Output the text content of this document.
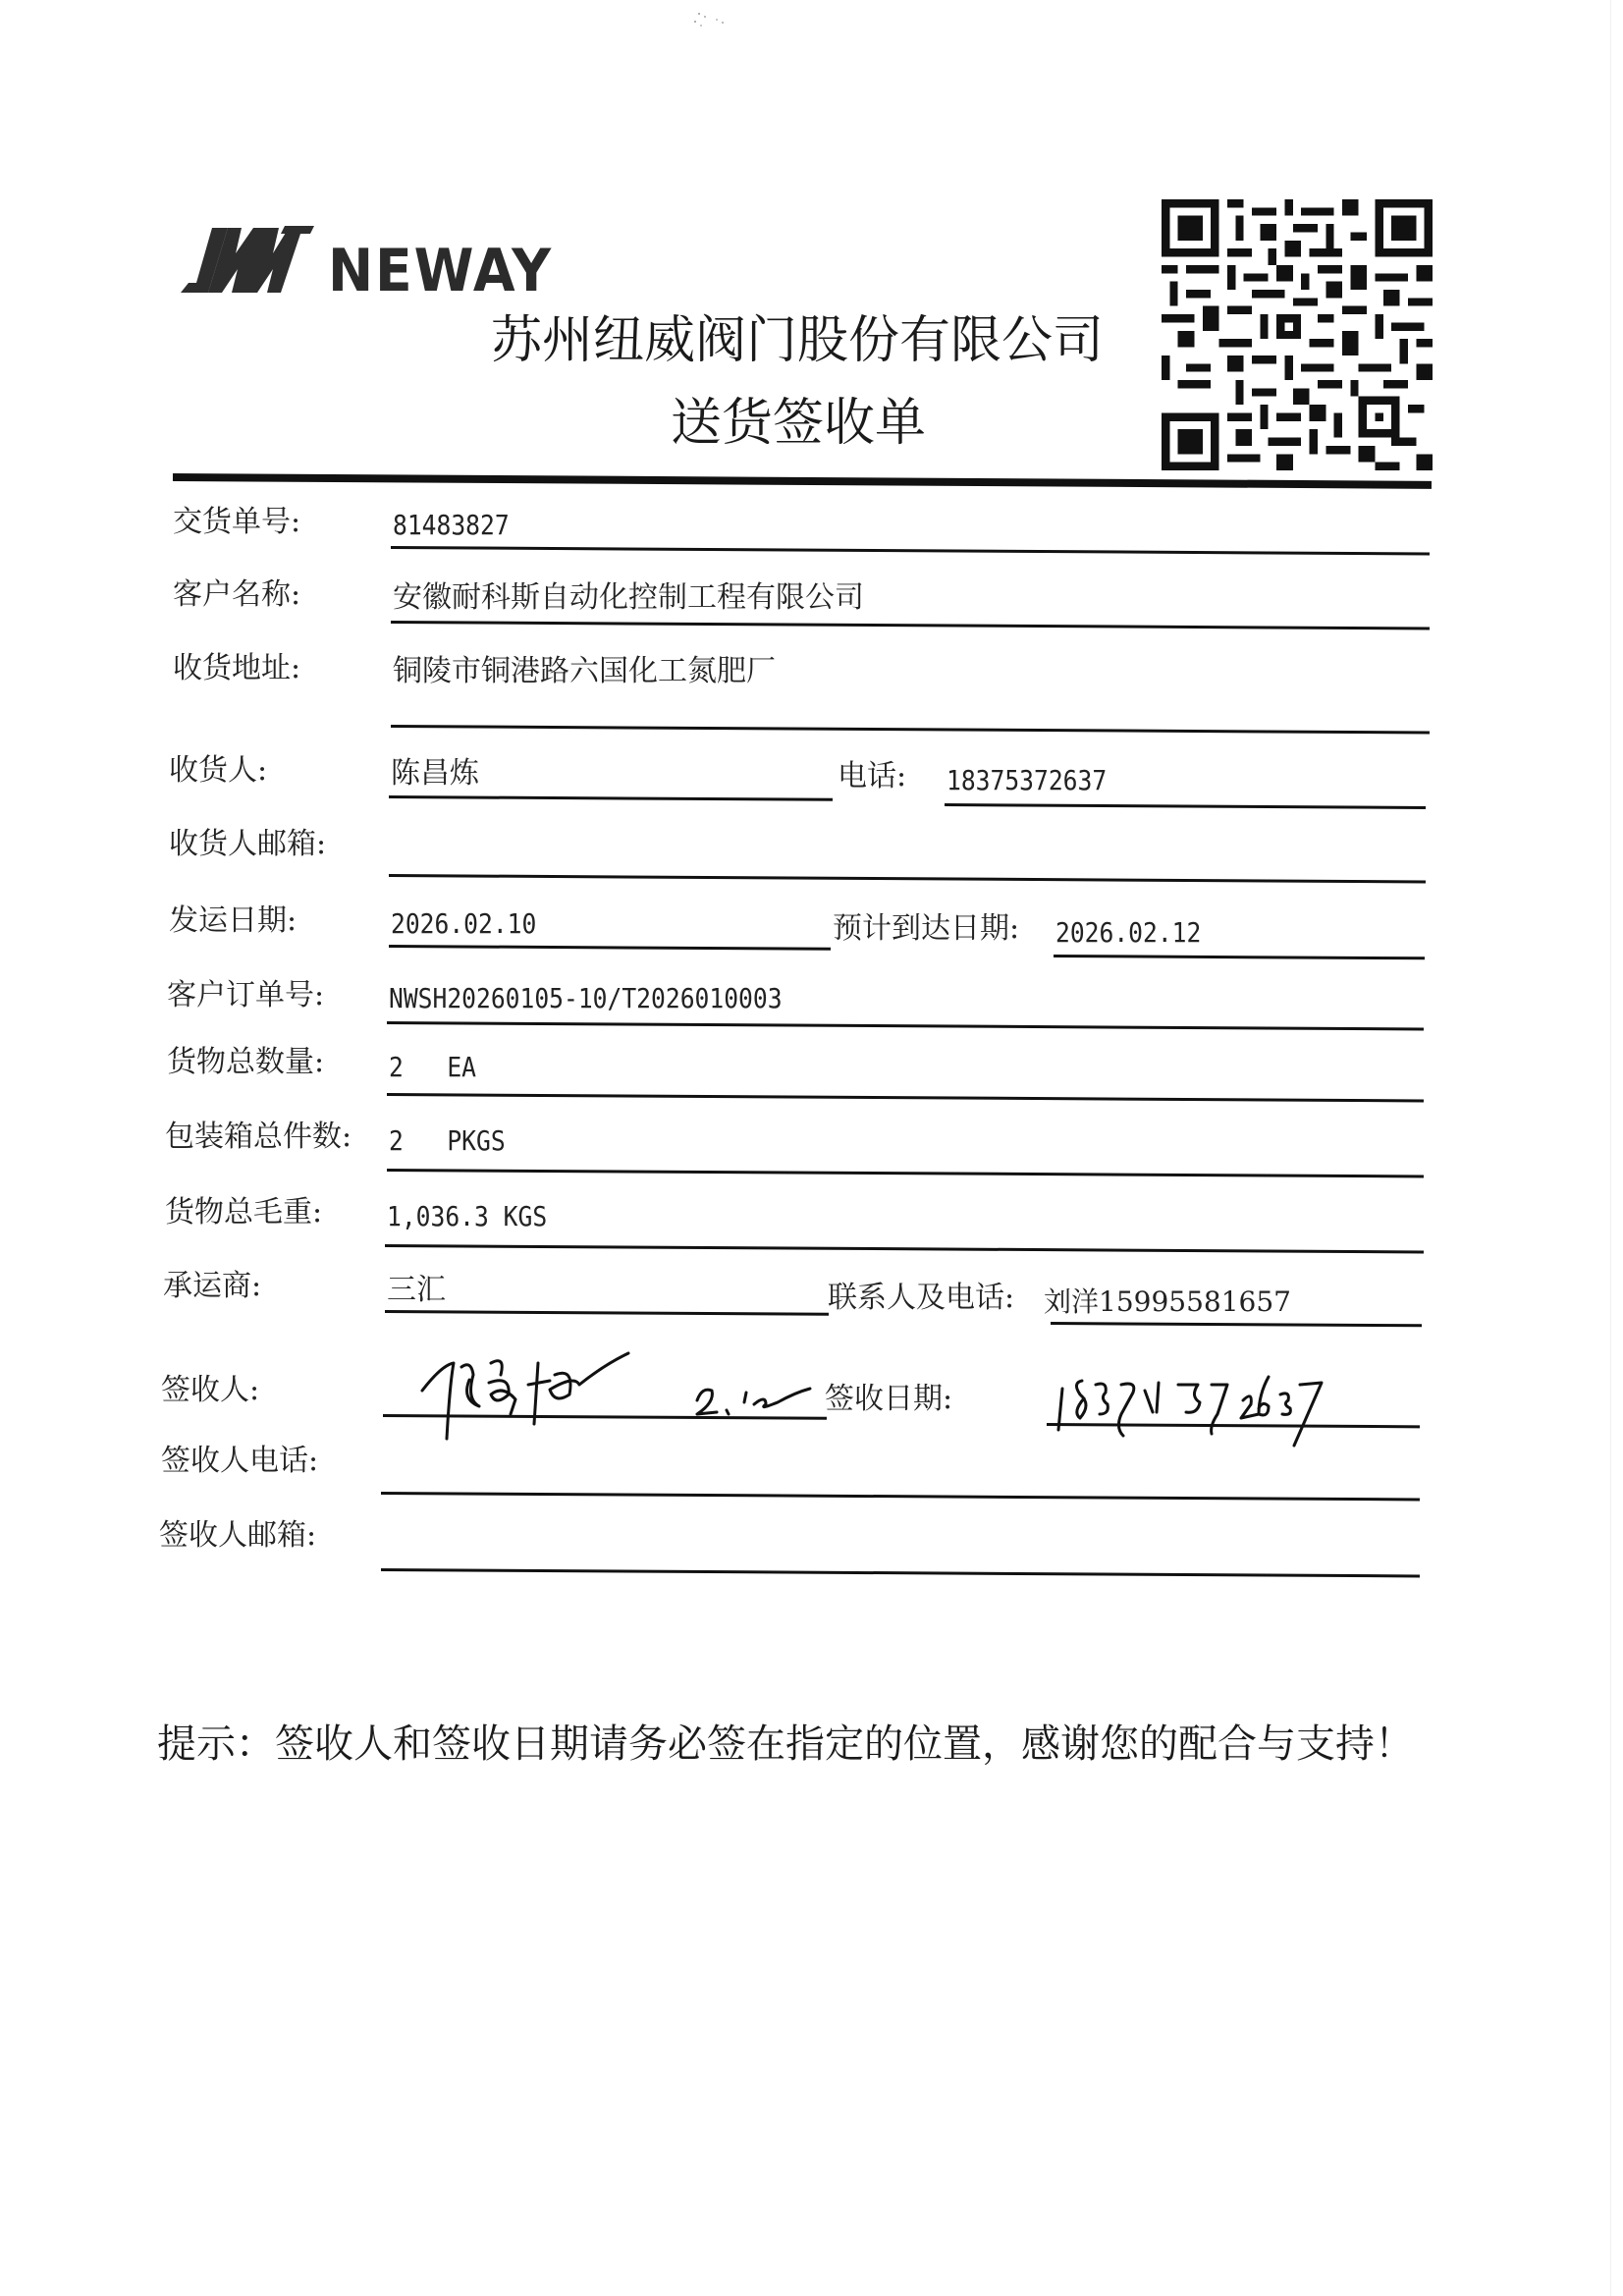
NEWAY
苏州纽威阀门股份有限公司
送货签收单
交货单号:	81483827
客户名称:	安徽耐科斯自动化控制工程有限公司
收货地址:	铜陵市铜港路六国化工氮肥厂
收货人:	陈昌炼	电话: 18375372637
收货人邮箱:
发运日期:	2026.02.10	预计到达日期: 2026.02.12
客户订单号: NWSH20260105-10/T2026010003
货物总数量: 2   EA
包装箱总件数: 2   PKGS
货物总毛重: 1,036.3 KGS
承运商:	三汇	联系人及电话: 刘洋15995581657
签收人:	签收日期:
签收人电话:
签收人邮箱:
提示：签收人和签收日期请务必签在指定的位置，感谢您的配合与支持！
